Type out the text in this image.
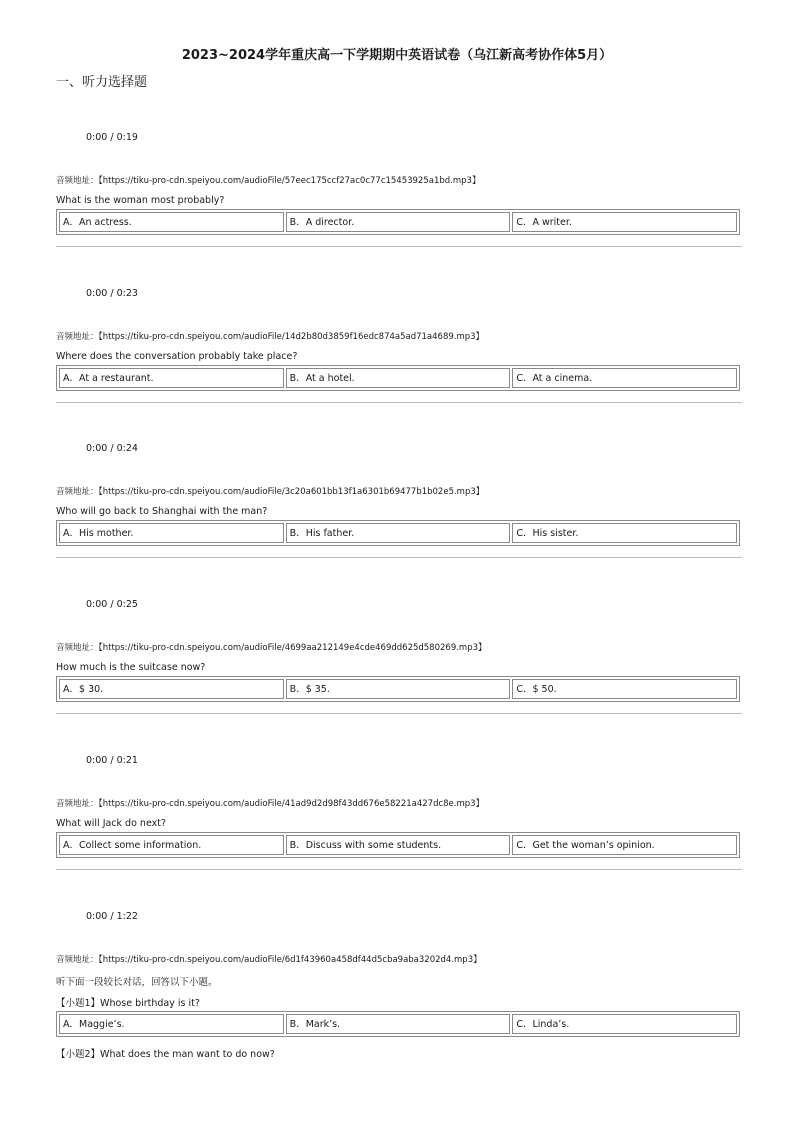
2023~2024学年重庆高一下学期期中英语试卷（乌江新高考协作体5月）
一、听力选择题
0:00 / 0:19
音频地址：【https://tiku-pro-cdn.speiyou.com/audioFile/57eec175ccf27ac0c77c15453925a1bd.mp3】
What is the woman most probably?
A．An actress.	B．A director.	C．A writer.
0:00 / 0:23
音频地址：【https://tiku-pro-cdn.speiyou.com/audioFile/14d2b80d3859f16edc874a5ad71a4689.mp3】
Where does the conversation probably take place?
A．At a restaurant.	B．At a hotel.	C．At a cinema.
0:00 / 0:24
音频地址：【https://tiku-pro-cdn.speiyou.com/audioFile/3c20a601bb13f1a6301b69477b1b02e5.mp3】
Who will go back to Shanghai with the man?
A．His mother.	B．His father.	C．His sister.
0:00 / 0:25
音频地址：【https://tiku-pro-cdn.speiyou.com/audioFile/4699aa212149e4cde469dd625d580269.mp3】
How much is the suitcase now?
A．$ 30.	B．$ 35.	C．$ 50.
0:00 / 0:21
音频地址：【https://tiku-pro-cdn.speiyou.com/audioFile/41ad9d2d98f43dd676e58221a427dc8e.mp3】
What will Jack do next?
A．Collect some information.	B．Discuss with some students.	C．Get the woman’s opinion.
0:00 / 1:22
音频地址：【https://tiku-pro-cdn.speiyou.com/audioFile/6d1f43960a458df44d5cba9aba3202d4.mp3】
听下面一段较长对话，回答以下小题。
【小题1】Whose birthday is it?
A．Maggie’s.	B．Mark’s.	C．Linda’s.
【小题2】What does the man want to do now?
